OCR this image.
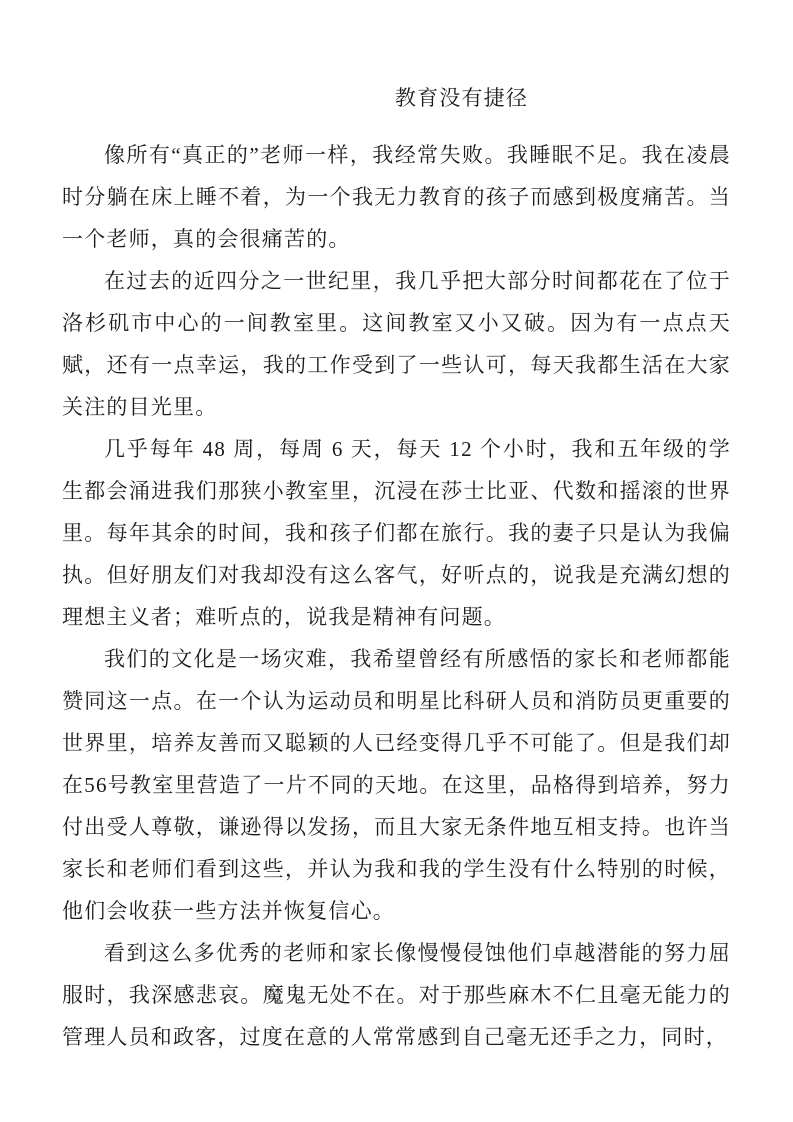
教育没有捷径

像所有“真正的”老师一样，我经常失败。我睡眠不足。我在凌晨时分躺在床上睡不着，为一个我无力教育的孩子而感到极度痛苦。当一个老师，真的会很痛苦的。

在过去的近四分之一世纪里，我几乎把大部分时间都花在了位于洛杉矶市中心的一间教室里。这间教室又小又破。因为有一点点天赋，还有一点幸运，我的工作受到了一些认可，每天我都生活在大家关注的目光里。

几乎每年 48 周，每周 6 天，每天 12 个小时，我和五年级的学生都会涌进我们那狭小教室里，沉浸在莎士比亚、代数和摇滚的世界里。每年其余的时间，我和孩子们都在旅行。我的妻子只是认为我偏执。但好朋友们对我却没有这么客气，好听点的，说我是充满幻想的理想主义者；难听点的，说我是精神有问题。

我们的文化是一场灾难，我希望曾经有所感悟的家长和老师都能赞同这一点。在一个认为运动员和明星比科研人员和消防员更重要的世界里，培养友善而又聪颖的人已经变得几乎不可能了。但是我们却在56号教室里营造了一片不同的天地。在这里，品格得到培养，努力付出受人尊敬，谦逊得以发扬，而且大家无条件地互相支持。也许当家长和老师们看到这些，并认为我和我的学生没有什么特别的时候，他们会收获一些方法并恢复信心。

看到这么多优秀的老师和家长像慢慢侵蚀他们卓越潜能的努力屈服时，我深感悲哀。魔鬼无处不在。对于那些麻木不仁且毫无能力的管理人员和政客，过度在意的人常常感到自己毫无还手之力，同时，
